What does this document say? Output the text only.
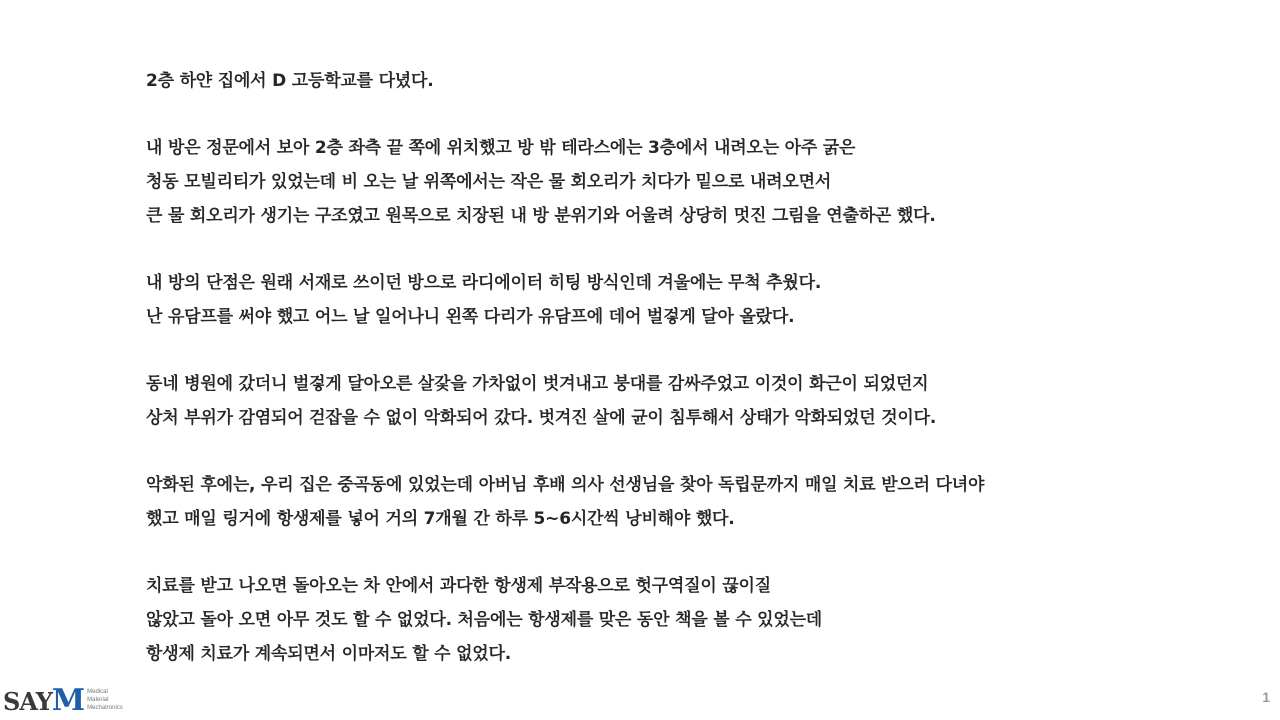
2층 하얀 집에서 D 고등학교를 다녔다.
내 방은 정문에서 보아 2층 좌측 끝 쪽에 위치했고 방 밖 테라스에는 3층에서 내려오는 아주 굵은
청동 모빌리티가 있었는데 비 오는 날 위쪽에서는 작은 물 회오리가 치다가 밑으로 내려오면서
큰 물 회오리가 생기는 구조였고 원목으로 치장된 내 방 분위기와 어울려 상당히 멋진 그림을 연출하곤 했다.
내 방의 단점은 원래 서재로 쓰이던 방으로 라디에이터 히팅 방식인데 겨울에는 무척 추웠다.
난 유담프를 써야 했고 어느 날 일어나니 왼쪽 다리가 유담프에 데어 벌겋게 달아 올랐다.
동네 병원에 갔더니 벌겋게 달아오른 살갗을 가차없이 벗겨내고 붕대를 감싸주었고 이것이 화근이 되었던지
상처 부위가 감염되어 걷잡을 수 없이 악화되어 갔다. 벗겨진 살에 균이 침투해서 상태가 악화되었던 것이다.
악화된 후에는, 우리 집은 중곡동에 있었는데 아버님 후배 의사 선생님을 찾아 독립문까지 매일 치료 받으러 다녀야
했고 매일 링거에 항생제를 넣어 거의 7개월 간 하루 5~6시간씩 낭비해야 했다.
치료를 받고 나오면 돌아오는 차 안에서 과다한 항생제 부작용으로 헛구역질이 끊이질
않았고 돌아 오면 아무 것도 할 수 없었다. 처음에는 항생제를 맞은 동안 책을 볼 수 있었는데
항생제 치료가 계속되면서 이마저도 할 수 없었다.
SAYM Medical
Material
Mechatronics
1
